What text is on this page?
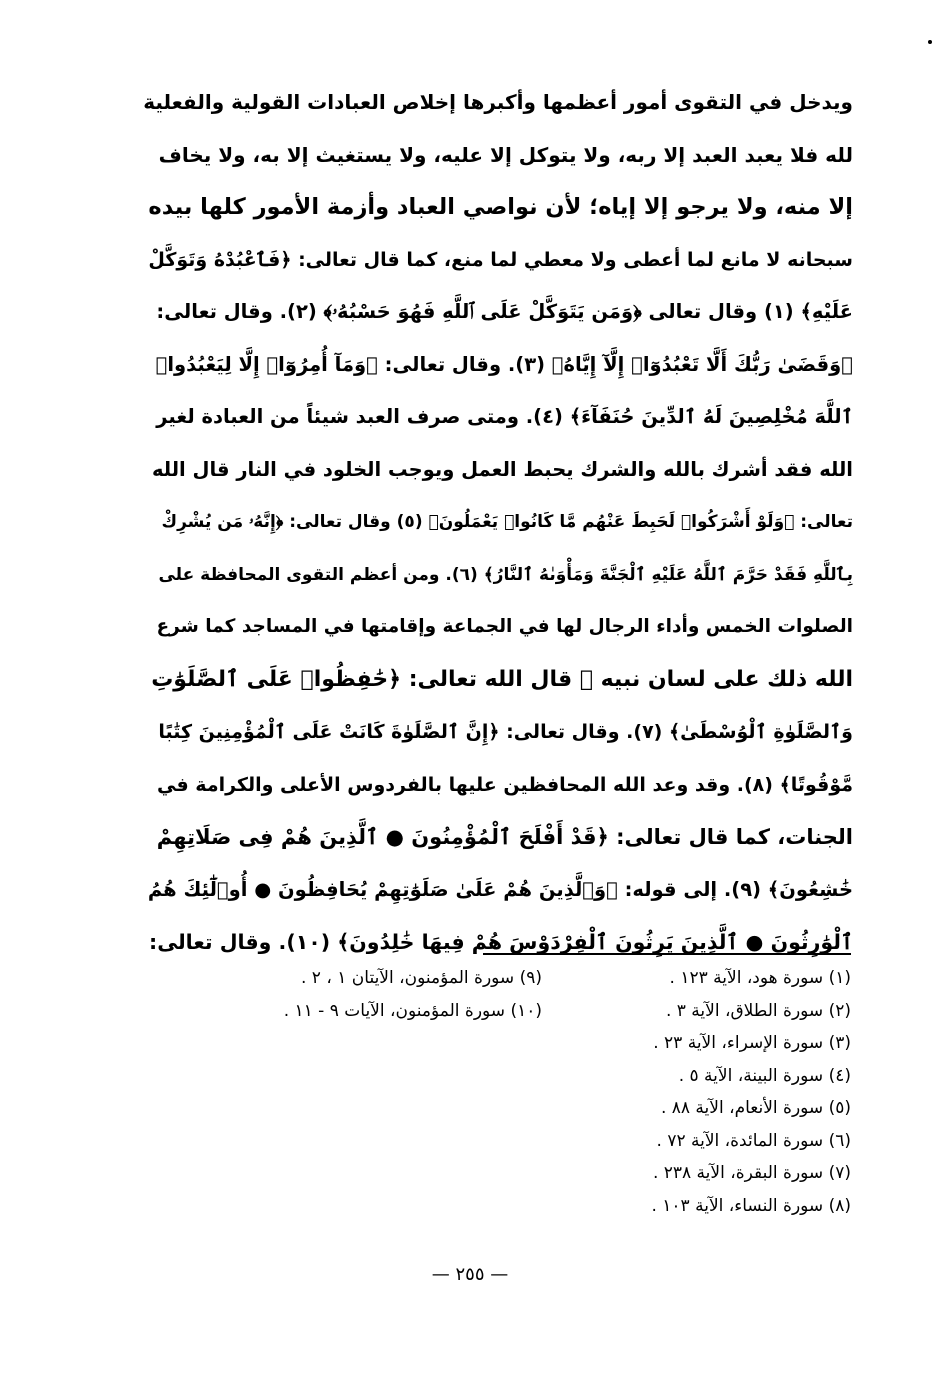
ويدخل في التقوى أمور أعظمها وأكبرها إخلاص العبادات القولية والفعلية
لله فلا يعبد العبد إلا ربه، ولا يتوكل إلا عليه، ولا يستغيث إلا به، ولا يخاف
إلا منه، ولا يرجو إلا إياه؛ لأن نواصي العباد وأزمة الأمور كلها بيده
سبحانه لا مانع لما أعطى ولا معطي لما منع، كما قال تعالى: ﴿فَٱعْبُدْهُ وَتَوَكَّلْ
عَلَيْهِ﴾ (١) وقال تعالى ﴿وَمَن يَتَوَكَّلْ عَلَى ٱللَّهِ فَهُوَ حَسْبُهُۥ﴾ (٢). وقال تعالى:
﴿وَقَضَىٰ رَبُّكَ أَلَّا تَعْبُدُوٓا۟ إِلَّآ إِيَّاهُ﴾ (٣). وقال تعالى: ﴿وَمَآ أُمِرُوٓا۟ إِلَّا لِيَعْبُدُوا۟
ٱللَّهَ مُخْلِصِينَ لَهُ ٱلدِّينَ حُنَفَآءَ﴾ (٤). ومتى صرف العبد شيئاً من العبادة لغير
الله فقد أشرك بالله والشرك يحبط العمل ويوجب الخلود في النار قال الله
تعالى: ﴿وَلَوْ أَشْرَكُوا۟ لَحَبِطَ عَنْهُم مَّا كَانُوا۟ يَعْمَلُونَ﴾ (٥) وقال تعالى: ﴿إِنَّهُۥ مَن يُشْرِكْ
بِٱللَّهِ فَقَدْ حَرَّمَ ٱللَّهُ عَلَيْهِ ٱلْجَنَّةَ وَمَأْوَىٰهُ ٱلنَّارُ﴾ (٦). ومن أعظم التقوى المحافظة على
الصلوات الخمس وأداء الرجال لها في الجماعة وإقامتها في المساجد كما شرع
الله ذلك على لسان نبيه ﷺ قال الله تعالى: ﴿حَٰفِظُوا۟ عَلَى ٱلصَّلَوَٰتِ
وَٱلصَّلَوٰةِ ٱلْوُسْطَىٰ﴾ (٧). وقال تعالى: ﴿إِنَّ ٱلصَّلَوٰةَ كَانَتْ عَلَى ٱلْمُؤْمِنِينَ كِتَٰبًا
مَّوْقُوتًا﴾ (٨). وقد وعد الله المحافظين عليها بالفردوس الأعلى والكرامة في
الجنات، كما قال تعالى: ﴿قَدْ أَفْلَحَ ٱلْمُؤْمِنُونَ ● ٱلَّذِينَ هُمْ فِى صَلَاتِهِمْ
خَٰشِعُونَ﴾ (٩). إلى قوله: ﴿وَٱلَّذِينَ هُمْ عَلَىٰ صَلَوَٰتِهِمْ يُحَافِظُونَ ● أُو۟لَٰٓئِكَ هُمُ
ٱلْوَٰرِثُونَ ● ٱلَّذِينَ يَرِثُونَ ٱلْفِرْدَوْسَ هُمْ فِيهَا خَٰلِدُونَ﴾ (١٠). وقال تعالى:
(١) سورة هود، الآية ١٢٣ .
(٢) سورة الطلاق، الآية ٣ .
(٣) سورة الإسراء، الآية ٢٣ .
(٤) سورة البينة، الآية ٥ .
(٥) سورة الأنعام، الآية ٨٨ .
(٦) سورة المائدة، الآية ٧٢ .
(٧) سورة البقرة، الآية ٢٣٨ .
(٨) سورة النساء، الآية ١٠٣ .
(٩) سورة المؤمنون، الآيتان ١ ، ٢ .
(١٠) سورة المؤمنون، الآيات ٩ - ١١ .
— ٢٥٥ —
